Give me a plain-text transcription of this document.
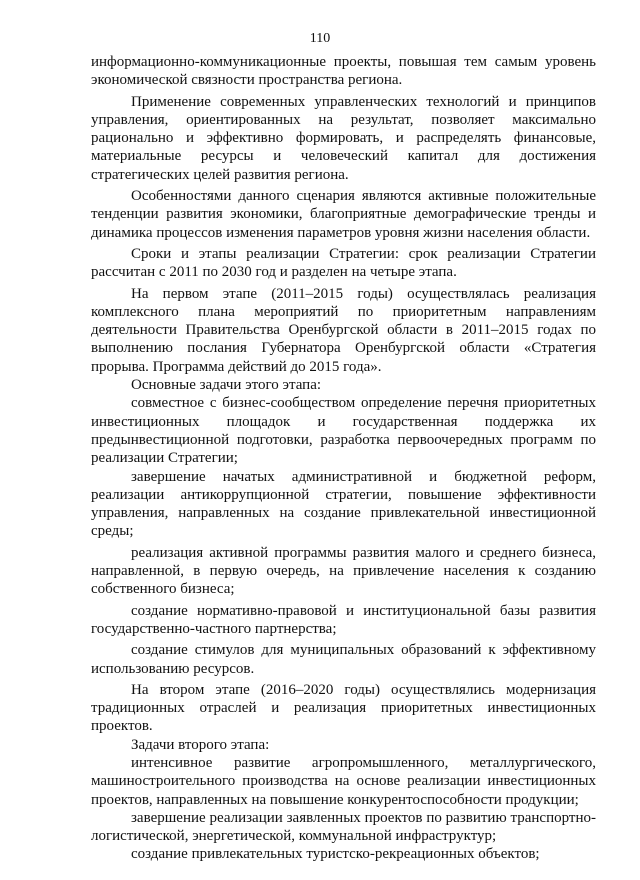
110

информационно-коммуникационные проекты, повышая тем самым уровень экономической связности пространства региона.

Применение современных управленческих технологий и принципов управления, ориентированных на результат, позволяет максимально рационально и эффективно формировать, и распределять финансовые, материальные ресурсы и человеческий капитал для достижения стратегических целей развития региона.

Особенностями данного сценария являются активные положительные тенденции развития экономики, благоприятные демографические тренды и динамика процессов изменения параметров уровня жизни населения области.

Сроки и этапы реализации Стратегии: срок реализации Стратегии рассчитан с 2011 по 2030 год и разделен на четыре этапа.

На первом этапе (2011–2015 годы) осуществлялась реализация комплексного плана мероприятий по приоритетным направлениям деятельности Правительства Оренбургской области в 2011–2015 годах по выполнению послания Губернатора Оренбургской области «Стратегия прорыва. Программа действий до 2015 года».

Основные задачи этого этапа:

совместное с бизнес-сообществом определение перечня приоритетных инвестиционных площадок и государственная поддержка их предынвестиционной подготовки, разработка первоочередных программ по реализации Стратегии;

завершение начатых административной и бюджетной реформ, реализации антикоррупционной стратегии, повышение эффективности управления, направленных на создание привлекательной инвестиционной среды;

реализация активной программы развития малого и среднего бизнеса, направленной, в первую очередь, на привлечение населения к созданию собственного бизнеса;

создание нормативно-правовой и институциональной базы развития государственно-частного партнерства;

создание стимулов для муниципальных образований к эффективному использованию ресурсов.

На втором этапе (2016–2020 годы) осуществлялись модернизация традиционных отраслей и реализация приоритетных инвестиционных проектов.

Задачи второго этапа:

интенсивное развитие агропромышленного, металлургического, машиностроительного производства на основе реализации инвестиционных проектов, направленных на повышение конкурентоспособности продукции;

завершение реализации заявленных проектов по развитию транспортно-логистической, энергетической, коммунальной инфраструктур;

создание привлекательных туристско-рекреационных объектов;
